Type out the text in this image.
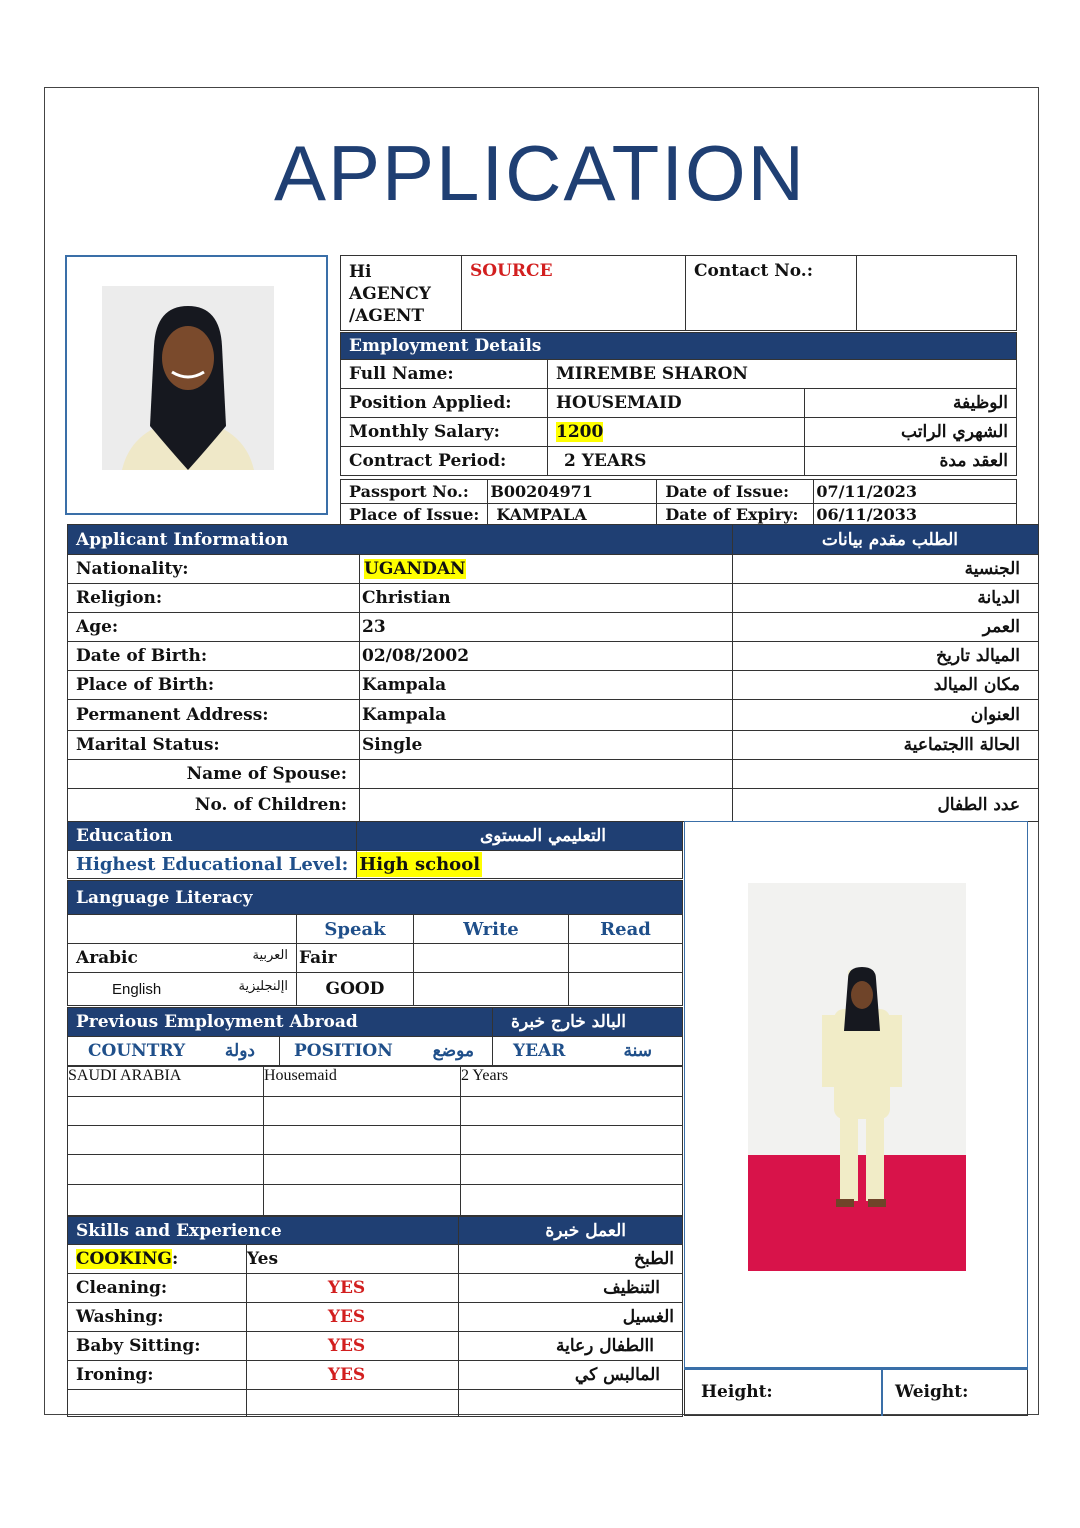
APPLICATION
Hi
AGENCY
/AGENT
	SOURCE	Contact No.:	
Employment Details		
Full Name:	MIREMBE SHARON	
Position Applied:	HOUSEMAID	الوظيفة
Monthly Salary:	1200	الشهري الراتب
Contract Period:	2 YEARS	العقد مدة
Passport No.:	B00204971	Date of Issue:	07/11/2023
Place of Issue:	KAMPALA	Date of Expiry:	06/11/2033
Applicant Information		الطلب مقدم بيانات
Nationality:	UGANDAN	الجنسية
Religion:	Christian	الديانة
Age:	23	العمر
Date of Birth:	02/08/2002	الميالد تاريخ
Place of Birth:	Kampala	مكان الميالد
Permanent Address:	Kampala	العنوان
Marital Status:	Single	الحالة االجتماعية
Name of Spouse:		
No. of Children:		عدد الطفال
Education	التعليمي المستوى
Highest Educational Level:	High school
Language Literacy			
	Speak	Write	Read
Arabic العربية	Fair		
English اإلنجليزية	GOOD		
Previous Employment Abroad		البالد خارج خبرة
COUNTRY دولة	POSITION موضع	YEAR سنة
SAUDI ARABIA	Housemaid	2 Years

Skills and Experience		العمل خبرة
COOKING:	Yes	الطبخ
Cleaning:	YES	التنظيف
Washing:	YES	الغسيل
Baby Sitting:	YES	االطفال رعاية
Ironing:	YES	المالبس كي

Height:	Weight:
